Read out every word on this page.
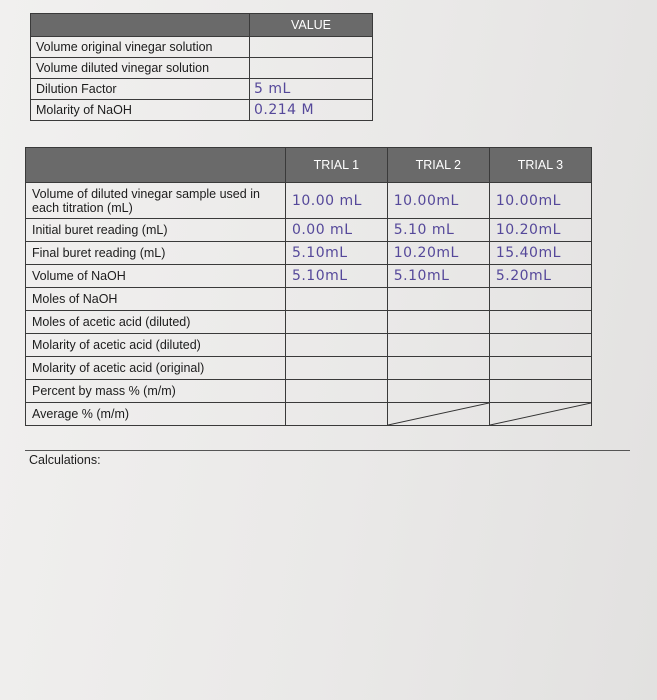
	VALUE
Volume original vinegar solution	
Volume diluted vinegar solution	
Dilution Factor	5 mL
Molarity of NaOH	0.214 M
	TRIAL 1	TRIAL 2	TRIAL 3
Volume of diluted vinegar sample used in each titration (mL)	10.00 mL	10.00mL	10.00mL
Initial buret reading (mL)	0.00 mL	5.10 mL	10.20mL
Final buret reading (mL)	5.10mL	10.20mL	15.40mL
Volume of NaOH	5.10mL	5.10mL	5.20mL
Moles of NaOH			
Moles of acetic acid (diluted)			
Molarity of acetic acid (diluted)			
Molarity of acetic acid (original)			
Percent by mass % (m/m)			
Average % (m/m)		

Calculations:
